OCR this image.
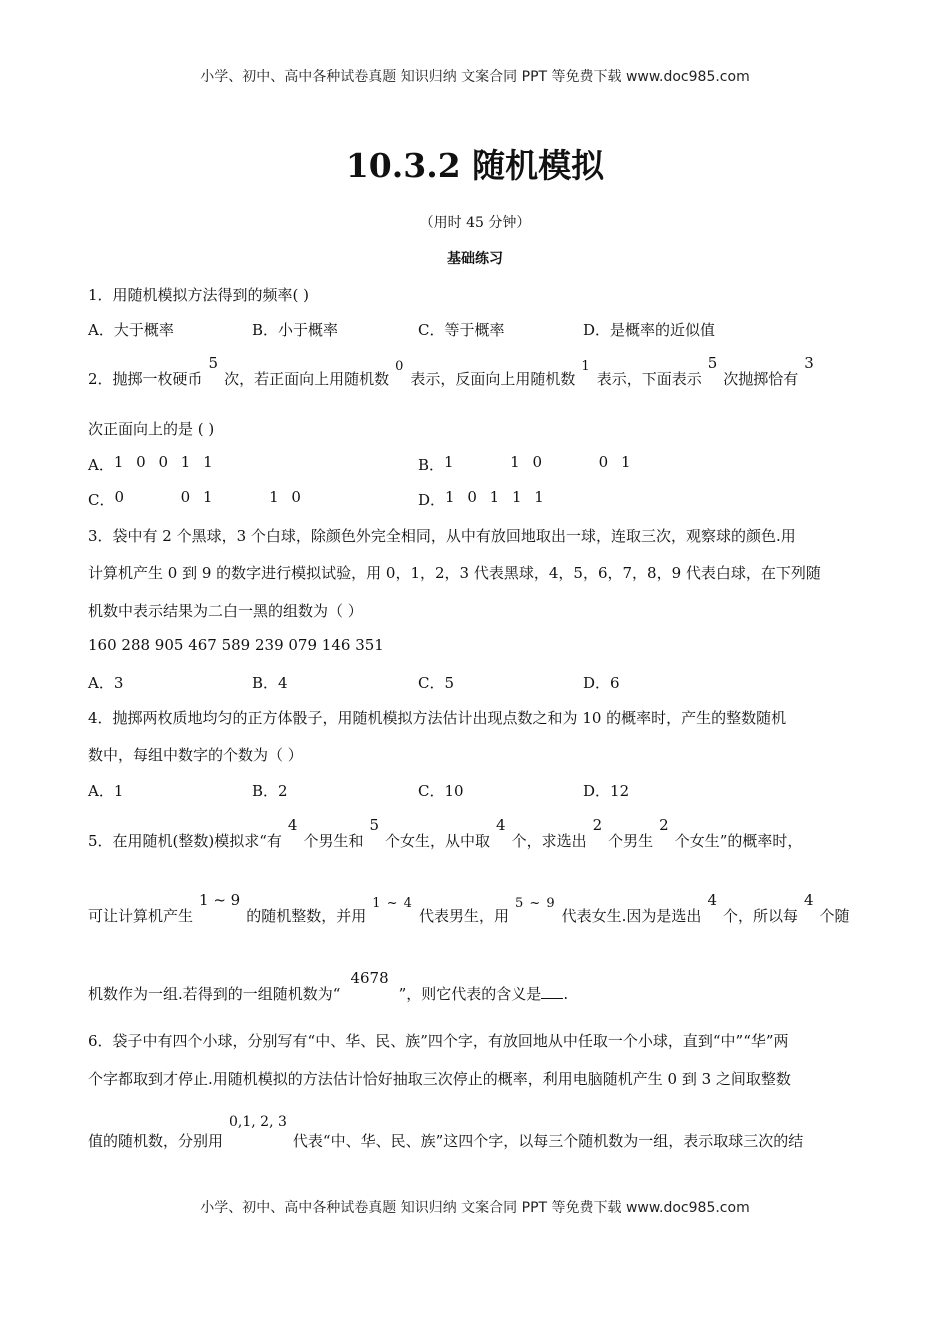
小学、初中、高中各种试卷真题 知识归纳 文案合同 PPT 等免费下载 www.doc985.com
10.3.2 随机模拟
（用时 45 分钟）
基础练习
1．用随机模拟方法得到的频率( )
A．大于概率	B．小于概率	C．等于概率	D．是概率的近似值
2．抛掷一枚硬币5次，若正面向上用随机数0表示，反面向上用随机数1表示，下面表示5次抛掷恰有3
次正面向上的是 ( )
A．1 0 0 1 1	B．1      1 0      0 1
C．0      0 1      1 0	D．1 0 1 1 1
3．袋中有 2 个黑球，3 个白球，除颜色外完全相同，从中有放回地取出一球，连取三次，观察球的颜色.用
计算机产生 0 到 9 的数字进行模拟试验，用 0，1，2，3 代表黑球，4，5，6，7，8，9 代表白球，在下列随
机数中表示结果为二白一黑的组数为（ ）
160 288 905 467 589 239 079 146 351
A．3	B．4	C．5	D．6
4．抛掷两枚质地均匀的正方体骰子，用随机模拟方法估计出现点数之和为 10 的概率时，产生的整数随机
数中，每组中数字的个数为（ ）
A．1	B．2	C．10	D．12
5．在用随机(整数)模拟求“有4个男生和5个女生，从中取4个，求选出2个男生2个女生”的概率时，
可让计算机产生1 ~ 9的随机整数，并用1 ~ 4代表男生，用5 ~ 9代表女生.因为是选出4个，所以每4个随
机数作为一组.若得到的一组随机数为“4678”，则它代表的含义是 .
6．袋子中有四个小球，分别写有“中、华、民、族”四个字，有放回地从中任取一个小球，直到“中”“华”两
个字都取到才停止.用随机模拟的方法估计恰好抽取三次停止的概率，利用电脑随机产生 0 到 3 之间取整数
值的随机数，分别用0,1, 2, 3代表“中、华、民、族”这四个字，以每三个随机数为一组，表示取球三次的结
小学、初中、高中各种试卷真题 知识归纳 文案合同 PPT 等免费下载 www.doc985.com
